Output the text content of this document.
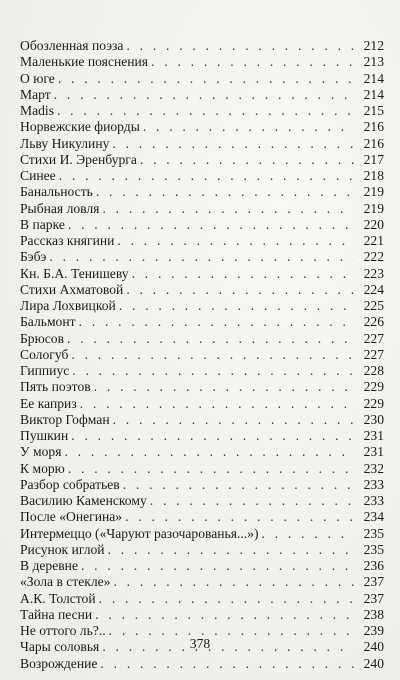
Обозленная поэза . . .	212
Маленькие пояснения . . .	213
О юге . . .	214
Март . . .	214
Madis . . .	215
Норвежские фиорды . . .	216
Льву Никулину . . .	216
Стихи И. Эренбурга . . .	217
Синее . . .	218
Банальность . . .	219
Рыбная ловля . . .	219
В парке . . .	220
Рассказ княгини . . .	221
Бэбэ . . .	222
Кн. Б.А. Тенишеву . . .	223
Стихи Ахматовой . . .	224
Лира Лохвицкой . . .	225
Бальмонт . . .	226
Брюсов . . .	227
Сологуб . . .	227
Гиппиус . . .	228
Пять поэтов . . .	229
Ее каприз . . .	229
Виктор Гофман . . .	230
Пушкин . . .	231
У моря . . .	231
К морю . . .	232
Разбор собратьев . . .	233
Василию Каменскому . . .	233
После «Онегина» . . .	234
Интермеццо («Чаруют разочарованья...») . . .	235
Рисунок иглой . . .	235
В деревне . . .	236
«Зола в стекле» . . .	237
А.К. Толстой . . .	237
Тайна песни . . .	238
Не оттого ль?.. . . .	239
Чары соловья . . .	240
Возрождение . . .	240
378
